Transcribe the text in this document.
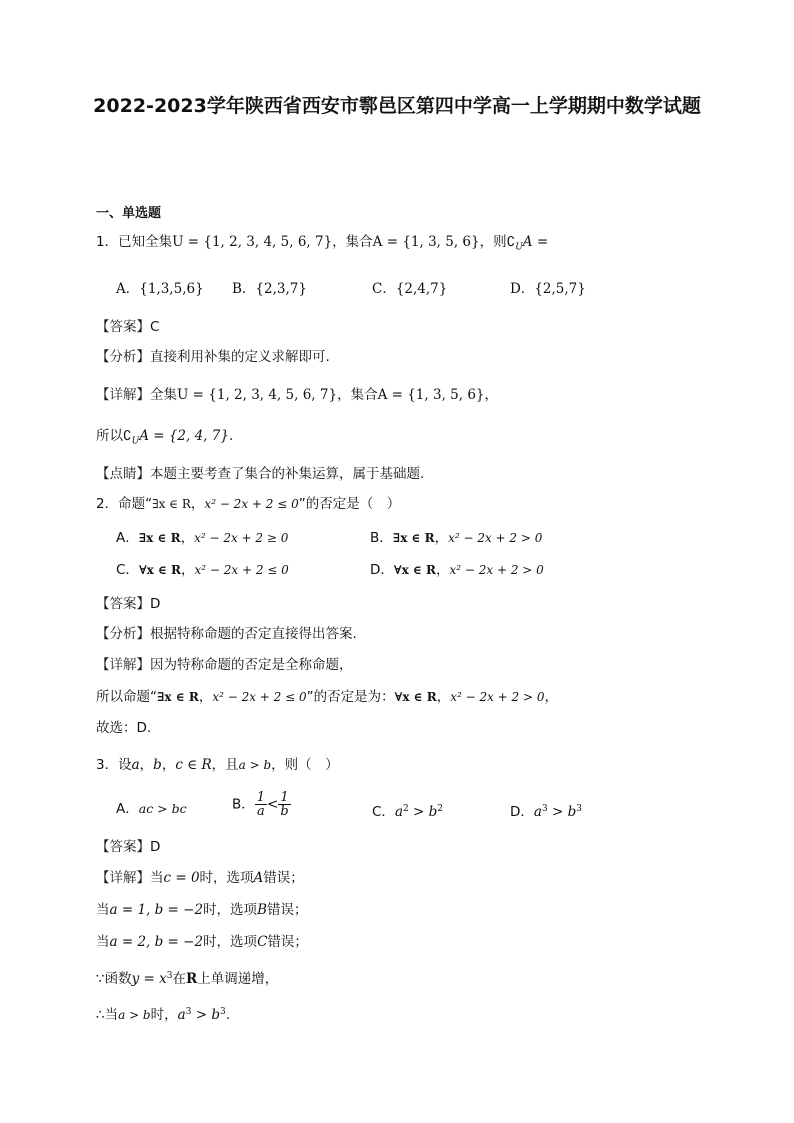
2022-2023学年陕西省西安市鄠邑区第四中学高一上学期期中数学试题
一、单选题
1．已知全集U = {1, 2, 3, 4, 5, 6, 7}，集合A = {1, 3, 5, 6}，则$∁_UA$ =
A．{1,3,5,6} B．{2,3,7}	C．{2,4,7}	D．{2,5,7}
【答案】C
【分析】直接利用补集的定义求解即可.
【详解】全集U = {1, 2, 3, 4, 5, 6, 7}，集合A = {1, 3, 5, 6}，
所以$∁_UA = \{2$, 4, 7}.
【点睛】本题主要考查了集合的补集运算，属于基础题.
2．命题“∃x ∈ R，x² − 2x + 2 ≤ 0”的否定是（　）
A．∃x ∈ R，x² − 2x + 2 ≥ 0	B．∃x ∈ R，x² − 2x + 2 > 0
C．∀x ∈ R，x² − 2x + 2 ≤ 0	D．∀x ∈ R，x² − 2x + 2 > 0
【答案】D
【分析】根据特称命题的否定直接得出答案.
【详解】因为特称命题的否定是全称命题，
所以命题“∃x ∈ R，x² − 2x + 2 ≤ 0”的否定是为：∀x ∈ R，x² − 2x + 2 > 0，
故选：D.
3．设a，b，c ∈ R，且a > b，则（　）
A．ac > bc	B． $\frac{1}{a} < \frac{1}{b}$	C．$a^2 > b^2$	D．$a^3 > b^3$
【答案】D
【详解】当c = 0时，选项A错误；
当a = 1, b = −2时，选项B错误；
当a = 2, b = −2时，选项C错误；
∵函数$y = x^3$在R上单调递增，
∴当a > b时，$a^3 > b^3$.
